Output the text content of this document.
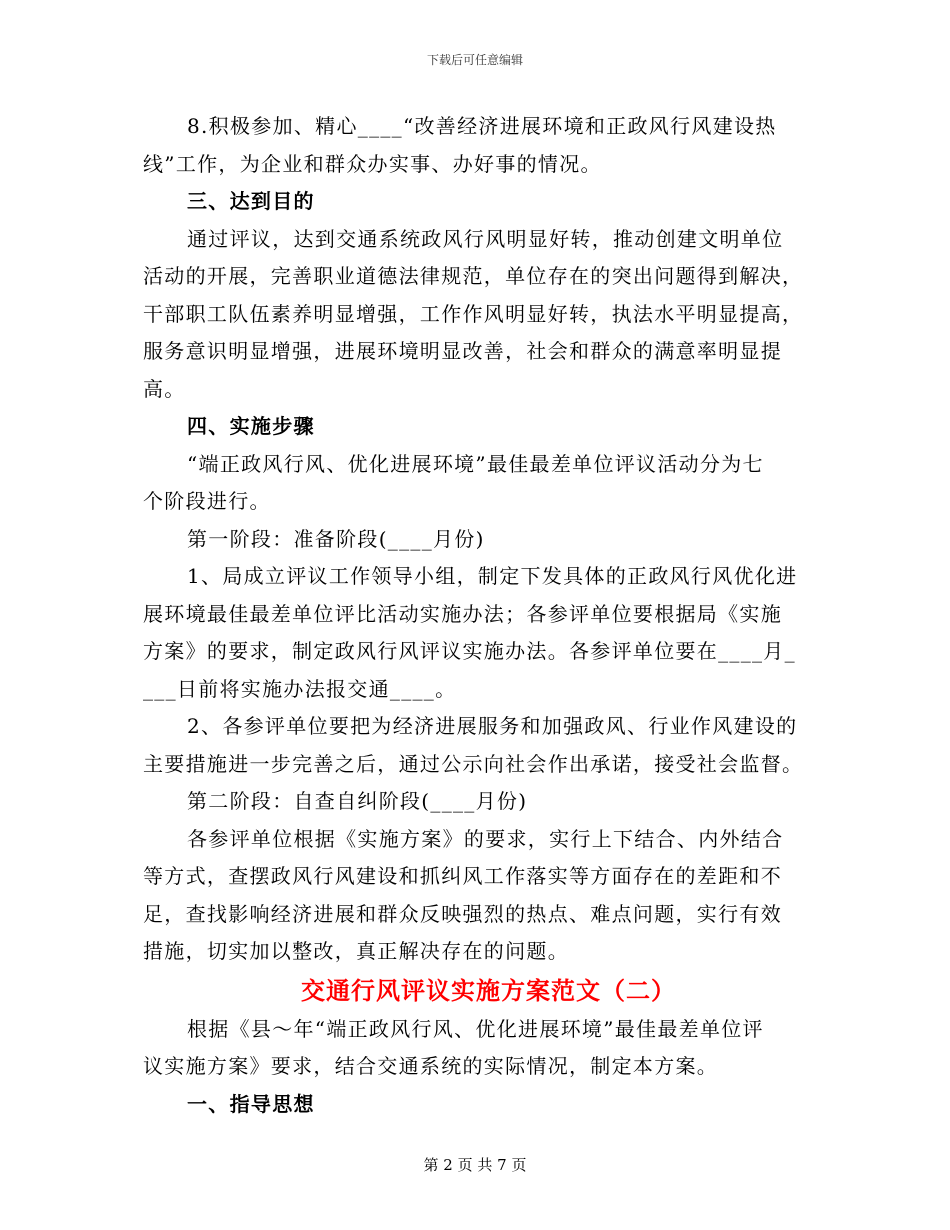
下载后可任意编辑

8.积极参加、精心____“改善经济进展环境和正政风行风建设热
线”工作，为企业和群众办实事、办好事的情况。

三、达到目的

通过评议，达到交通系统政风行风明显好转，推动创建文明单位
活动的开展，完善职业道德法律规范，单位存在的突出问题得到解决，
干部职工队伍素养明显增强，工作作风明显好转，执法水平明显提高，
服务意识明显增强，进展环境明显改善，社会和群众的满意率明显提
高。

四、实施步骤

“端正政风行风、优化进展环境”最佳最差单位评议活动分为七
个阶段进行。

第一阶段：准备阶段(____月份)

1、局成立评议工作领导小组，制定下发具体的正政风行风优化进
展环境最佳最差单位评比活动实施办法；各参评单位要根据局《实施
方案》的要求，制定政风行风评议实施办法。各参评单位要在____月_
___日前将实施办法报交通____。

2、各参评单位要把为经济进展服务和加强政风、行业作风建设的
主要措施进一步完善之后，通过公示向社会作出承诺，接受社会监督。

第二阶段：自查自纠阶段(____月份)

各参评单位根据《实施方案》的要求，实行上下结合、内外结合
等方式，查摆政风行风建设和抓纠风工作落实等方面存在的差距和不
足，查找影响经济进展和群众反映强烈的热点、难点问题，实行有效
措施，切实加以整改，真正解决存在的问题。

交通行风评议实施方案范文（二）

根据《县～年“端正政风行风、优化进展环境”最佳最差单位评
议实施方案》要求，结合交通系统的实际情况，制定本方案。

一、指导思想

第 2 页 共 7 页
